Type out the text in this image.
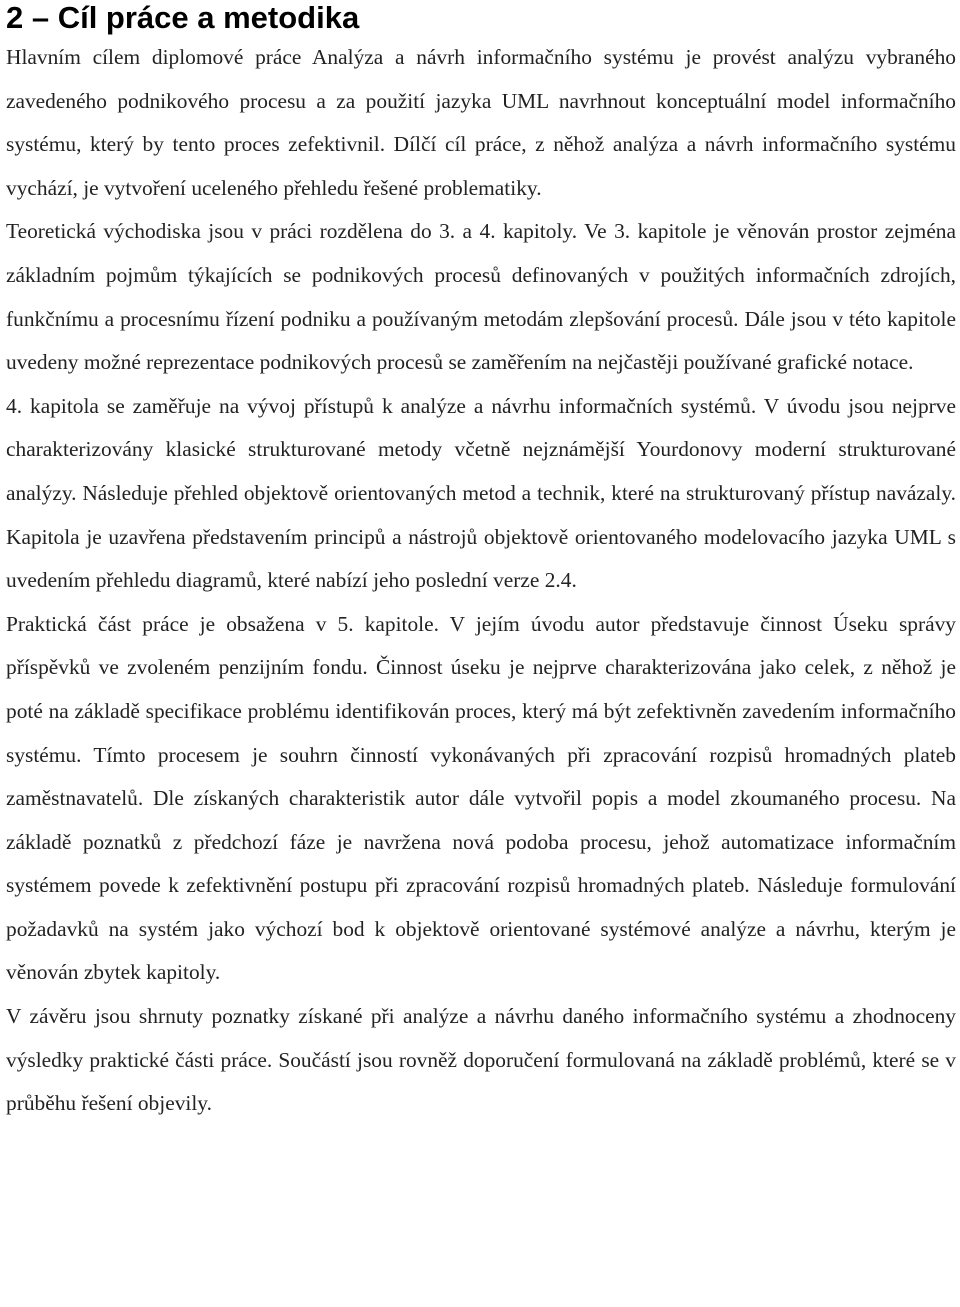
2 – Cíl práce a metodika

Hlavním cílem diplomové práce Analýza a návrh informačního systému je provést analýzu vybraného zavedeného podnikového procesu a za použití jazyka UML navrhnout konceptuální model informačního systému, který by tento proces zefektivnil. Dílčí cíl práce, z něhož analýza a návrh informačního systému vychází, je vytvoření uceleného přehledu řešené problematiky.

Teoretická východiska jsou v práci rozdělena do 3. a 4. kapitoly. Ve 3. kapitole je věnován prostor zejména základním pojmům týkajících se podnikových procesů definovaných v použitých informačních zdrojích, funkčnímu a procesnímu řízení podniku a používaným metodám zlepšování procesů. Dále jsou v této kapitole uvedeny možné reprezentace podnikových procesů se zaměřením na nejčastěji používané grafické notace.

4. kapitola se zaměřuje na vývoj přístupů k analýze a návrhu informačních systémů. V úvodu jsou nejprve charakterizovány klasické strukturované metody včetně nejznámější Yourdonovy moderní strukturované analýzy. Následuje přehled objektově orientovaných metod a technik, které na strukturovaný přístup navázaly. Kapitola je uzavřena představením principů a nástrojů objektově orientovaného modelovacího jazyka UML s uvedením přehledu diagramů, které nabízí jeho poslední verze 2.4.

Praktická část práce je obsažena v 5. kapitole. V jejím úvodu autor představuje činnost Úseku správy příspěvků ve zvoleném penzijním fondu. Činnost úseku je nejprve charakterizována jako celek, z něhož je poté na základě specifikace problému identifikován proces, který má být zefektivněn zavedením informačního systému. Tímto procesem je souhrn činností vykonávaných při zpracování rozpisů hromadných plateb zaměstnavatelů. Dle získaných charakteristik autor dále vytvořil popis a model zkoumaného procesu. Na základě poznatků z předchozí fáze je navržena nová podoba procesu, jehož automatizace informačním systémem povede k zefektivnění postupu při zpracování rozpisů hromadných plateb. Následuje formulování požadavků na systém jako výchozí bod k objektově orientované systémové analýze a návrhu, kterým je věnován zbytek kapitoly.

V závěru jsou shrnuty poznatky získané při analýze a návrhu daného informačního systému a zhodnoceny výsledky praktické části práce. Součástí jsou rovněž doporučení formulovaná na základě problémů, které se v průběhu řešení objevily.
